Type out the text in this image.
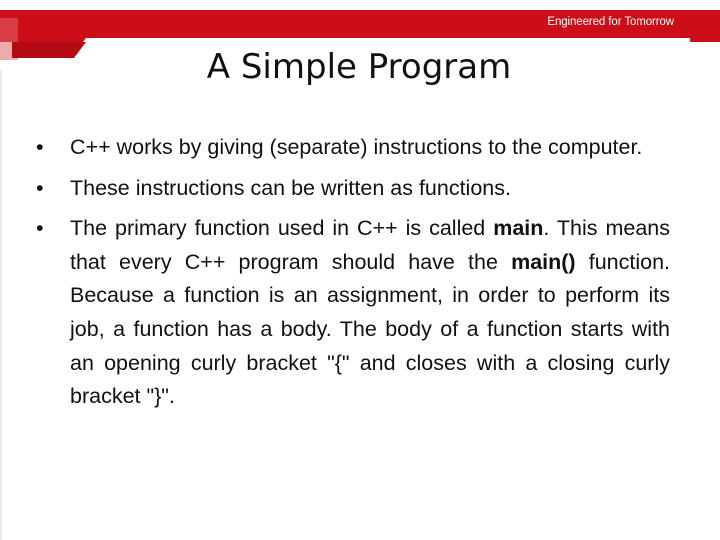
Engineered for Tomorrow
A Simple Program
• C++ works by giving (separate) instructions to the computer.
• These instructions can be written as functions.
• The primary function used in C++ is called main. This means that every C++ program should have the main() function. Because a function is an assignment, in order to perform its job, a function has a body. The body of a function starts with an opening curly bracket "{" and closes with a closing curly bracket "}".
